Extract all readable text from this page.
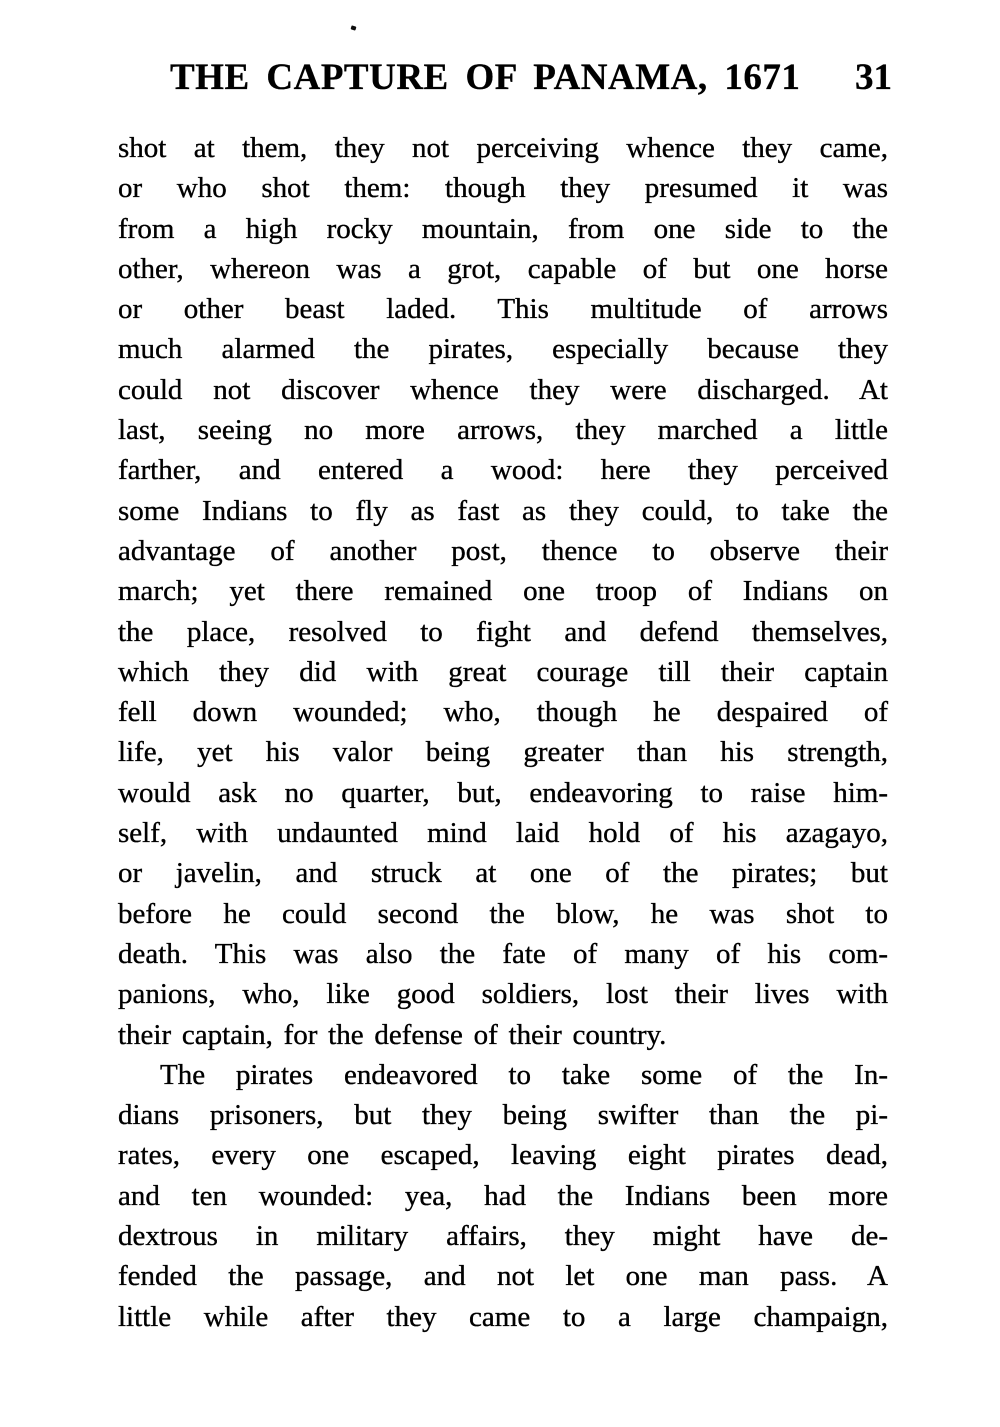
THE CAPTURE OF PANAMA, 1671 31
shot at them, they not perceiving whence they came,
or who shot them: though they presumed it was
from a high rocky mountain, from one side to the
other, whereon was a grot, capable of but one horse
or other beast laded. This multitude of arrows
much alarmed the pirates, especially because they
could not discover whence they were discharged. At
last, seeing no more arrows, they marched a little
farther, and entered a wood: here they perceived
some Indians to fly as fast as they could, to take the
advantage of another post, thence to observe their
march; yet there remained one troop of Indians on
the place, resolved to fight and defend themselves,
which they did with great courage till their captain
fell down wounded; who, though he despaired of
life, yet his valor being greater than his strength,
would ask no quarter, but, endeavoring to raise him-
self, with undaunted mind laid hold of his azagayo,
or javelin, and struck at one of the pirates; but
before he could second the blow, he was shot to
death. This was also the fate of many of his com-
panions, who, like good soldiers, lost their lives with
their captain, for the defense of their country.
The pirates endeavored to take some of the In-
dians prisoners, but they being swifter than the pi-
rates, every one escaped, leaving eight pirates dead,
and ten wounded: yea, had the Indians been more
dextrous in military affairs, they might have de-
fended the passage, and not let one man pass. A
little while after they came to a large champaign,
